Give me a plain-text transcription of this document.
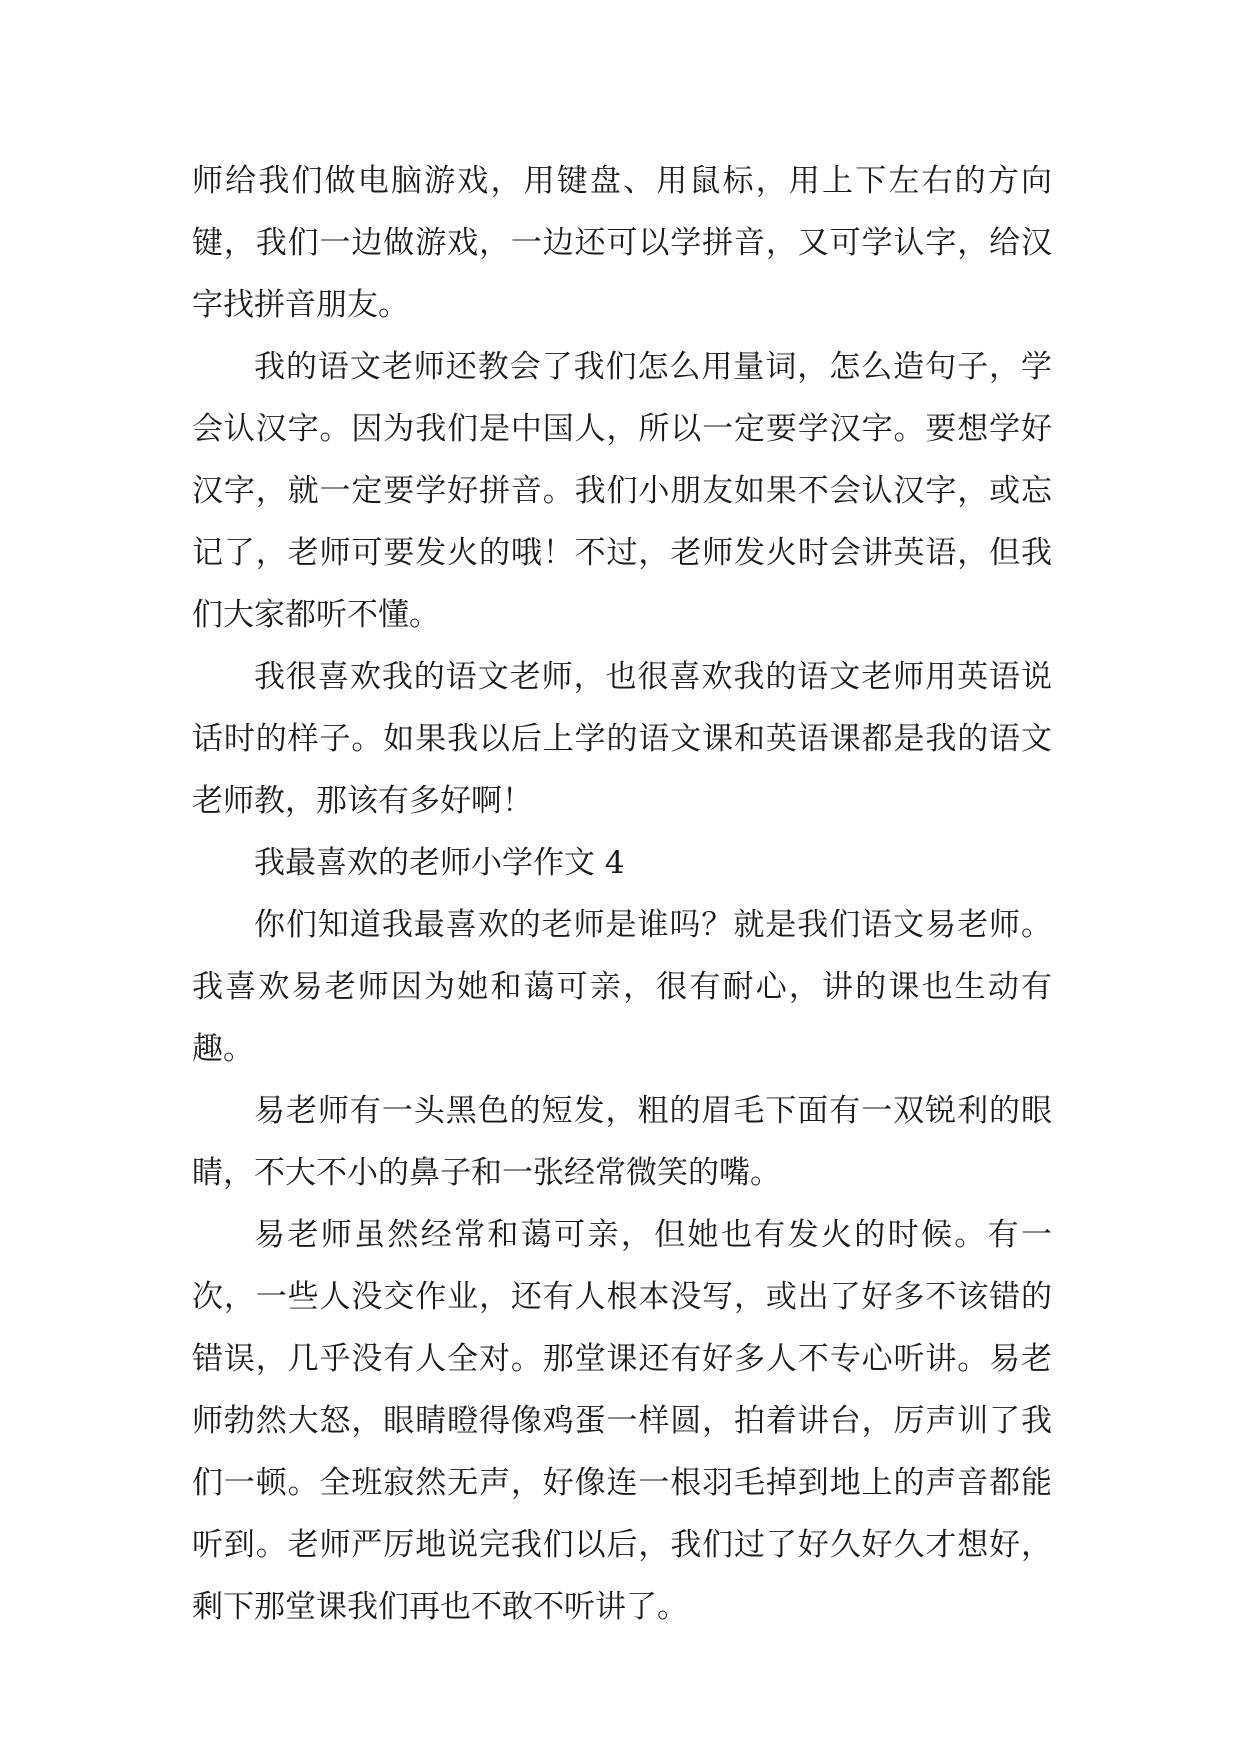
师给我们做电脑游戏，用键盘、用鼠标，用上下左右的方向键，我们一边做游戏，一边还可以学拼音，又可学认字，给汉字找拼音朋友。

我的语文老师还教会了我们怎么用量词，怎么造句子，学会认汉字。因为我们是中国人，所以一定要学汉字。要想学好汉字，就一定要学好拼音。我们小朋友如果不会认汉字，或忘记了，老师可要发火的哦！不过，老师发火时会讲英语，但我们大家都听不懂。

我很喜欢我的语文老师，也很喜欢我的语文老师用英语说话时的样子。如果我以后上学的语文课和英语课都是我的语文老师教，那该有多好啊！

我最喜欢的老师小学作文 4

你们知道我最喜欢的老师是谁吗？就是我们语文易老师。我喜欢易老师因为她和蔼可亲，很有耐心，讲的课也生动有趣。

易老师有一头黑色的短发，粗的眉毛下面有一双锐利的眼睛，不大不小的鼻子和一张经常微笑的嘴。

易老师虽然经常和蔼可亲，但她也有发火的时候。有一次，一些人没交作业，还有人根本没写，或出了好多不该错的错误，几乎没有人全对。那堂课还有好多人不专心听讲。易老师勃然大怒，眼睛瞪得像鸡蛋一样圆，拍着讲台，厉声训了我们一顿。全班寂然无声，好像连一根羽毛掉到地上的声音都能听到。老师严厉地说完我们以后，我们过了好久好久才想好，剩下那堂课我们再也不敢不听讲了。
